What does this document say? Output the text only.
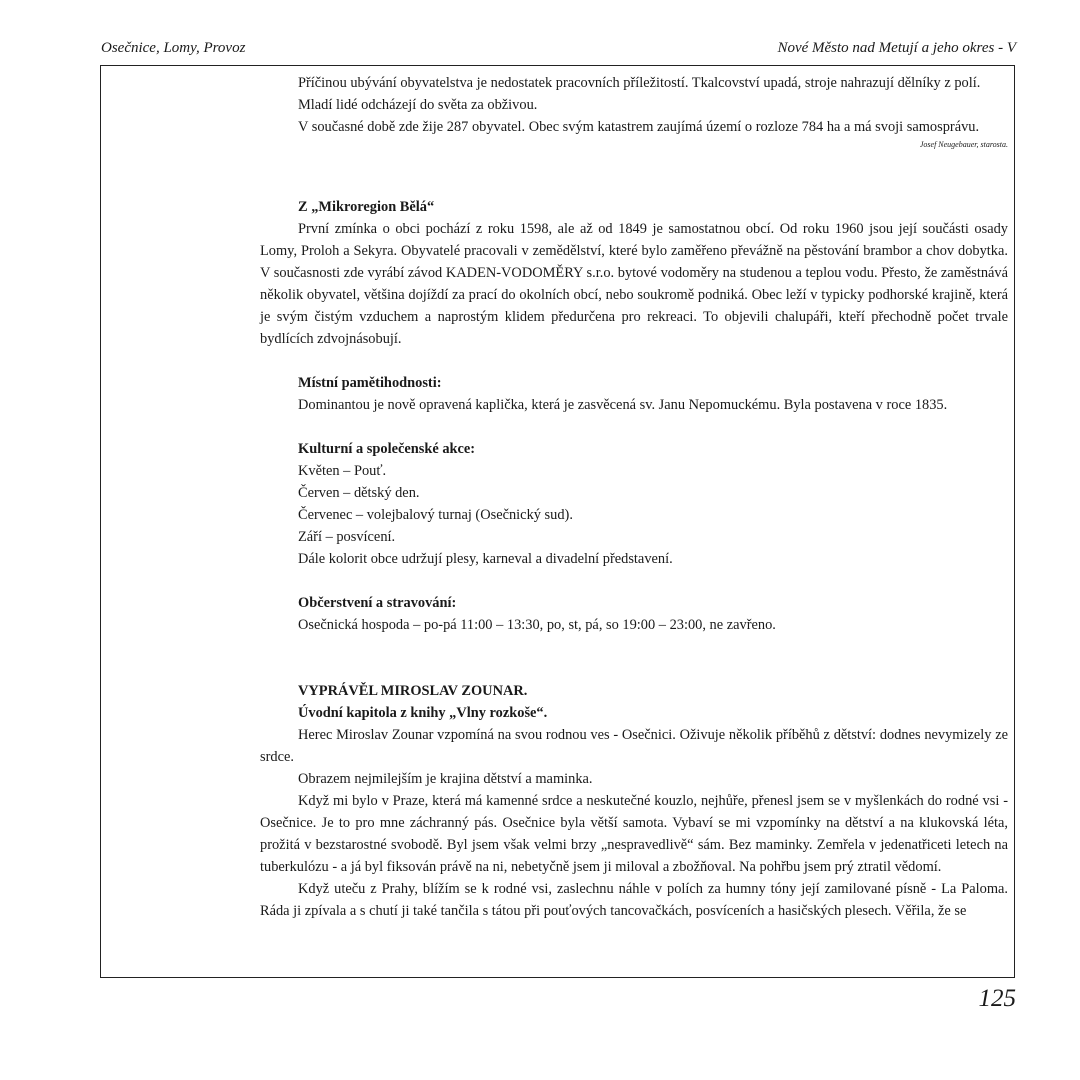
Osečnice, Lomy, Provoz	Nové Město nad Metují a jeho okres - V

Příčinou ubývání obyvatelstva je nedostatek pracovních příležitostí. Tkalcovství upadá, stroje nahrazují dělníky z polí.

Mladí lidé odcházejí do světa za obživou.

V současné době zde žije 287 obyvatel. Obec svým katastrem zaujímá území o rozloze 784 ha a má svoji samosprávu.

Josef Neugebauer, starosta.

Z „Mikroregion Bělá“

První zmínka o obci pochází z roku 1598, ale až od 1849 je samostatnou obcí. Od roku 1960 jsou její součásti osady Lomy, Proloh a Sekyra. Obyvatelé pracovali v zemědělství, které bylo zaměřeno převážně na pěstování brambor a chov dobytka. V současnosti zde vyrábí závod KADEN-VODOMĚRY s.r.o. bytové vodoměry na studenou a teplou vodu. Přesto, že zaměstnává několik obyvatel, většina dojíždí za prací do okolních obcí, nebo soukromě podniká. Obec leží v typicky podhorské krajině, která je svým čistým vzduchem a naprostým klidem předurčena pro rekreaci. To objevili chalupáři, kteří přechodně počet trvale bydlících zdvojnásobují.

Místní pamětihodnosti:

Dominantou je nově opravená kaplička, která je zasvěcená sv. Janu Nepomuckému. Byla postavena v roce 1835.

Kulturní a společenské akce:

Květen – Pouť.

Červen – dětský den.

Červenec – volejbalový turnaj (Osečnický sud).

Září – posvícení.

Dále kolorit obce udržují plesy, karneval a divadelní představení.

Občerstvení a stravování:

Osečnická hospoda – po-pá 11:00 – 13:30, po, st, pá, so 19:00 – 23:00, ne zavřeno.

VYPRÁVĚL MIROSLAV ZOUNAR.

Úvodní kapitola z knihy „Vlny rozkoše“.

Herec Miroslav Zounar vzpomíná na svou rodnou ves - Osečnici. Oživuje několik příběhů z dětství: dodnes nevymizely ze srdce.

Obrazem nejmilejším je krajina dětství a maminka.

Když mi bylo v Praze, která má kamenné srdce a neskutečné kouzlo, nejhůře, přenesl jsem se v myšlenkách do rodné vsi - Osečnice. Je to pro mne záchranný pás. Osečnice byla větší samota. Vybaví se mi vzpomínky na dětství a na klukovská léta, prožitá v bezstarostné svobodě. Byl jsem však velmi brzy „nespravedlivě“ sám. Bez maminky. Zemřela v jedenatřiceti letech na tuberkulózu - a já byl fiksován právě na ni, nebetyčně jsem ji miloval a zbožňoval. Na pohřbu jsem prý ztratil vědomí.

Když uteču z Prahy, blížím se k rodné vsi, zaslechnu náhle v polích za humny tóny její zamilované písně - La Paloma. Ráda ji zpívala a s chutí ji také tančila s tátou při pouťových tancovačkách, posvíceních a hasičských plesech. Věřila, že se

125
